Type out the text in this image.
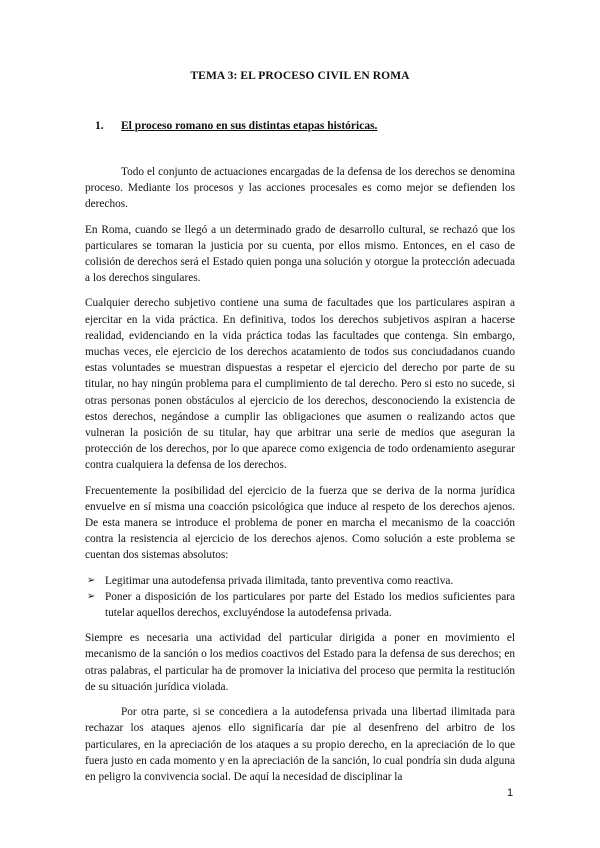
TEMA 3: EL PROCESO CIVIL EN ROMA
1. El proceso romano en sus distintas etapas históricas.

Todo el conjunto de actuaciones encargadas de la defensa de los derechos se denomina proceso. Mediante los procesos y las acciones procesales es como mejor se defienden los derechos.

En Roma, cuando se llegó a un determinado grado de desarrollo cultural, se rechazó que los particulares se tomaran la justicia por su cuenta, por ellos mismo. Entonces, en el caso de colisión de derechos será el Estado quien ponga una solución y otorgue la protección adecuada a los derechos singulares.

Cualquier derecho subjetivo contiene una suma de facultades que los particulares aspiran a ejercitar en la vida práctica. En definitiva, todos los derechos subjetivos aspiran a hacerse realidad, evidenciando en la vida práctica todas las facultades que contenga. Sin embargo, muchas veces, ele ejercicio de los derechos acatamiento de todos sus conciudadanos cuando estas voluntades se muestran dispuestas a respetar el ejercicio del derecho por parte de su titular, no hay ningún problema para el cumplimiento de tal derecho. Pero si esto no sucede, si otras personas ponen obstáculos al ejercicio de los derechos, desconociendo la existencia de estos derechos, negándose a cumplir las obligaciones que asumen o realizando actos que vulneran la posición de su titular, hay que arbitrar una serie de medios que aseguran la protección de los derechos, por lo que aparece como exigencia de todo ordenamiento asegurar contra cualquiera la defensa de los derechos.

Frecuentemente la posibilidad del ejercicio de la fuerza que se deriva de la norma jurídica envuelve en sí misma una coacción psicológica que induce al respeto de los derechos ajenos. De esta manera se introduce el problema de poner en marcha el mecanismo de la coacción contra la resistencia al ejercicio de los derechos ajenos. Como solución a este problema se cuentan dos sistemas absolutos:

➢ Legitimar una autodefensa privada ilimitada, tanto preventiva como reactiva.
➢ Poner a disposición de los particulares por parte del Estado los medios suficientes para tutelar aquellos derechos, excluyéndose la autodefensa privada.

Siempre es necesaria una actividad del particular dirigida a poner en movimiento el mecanismo de la sanción o los medios coactivos del Estado para la defensa de sus derechos; en otras palabras, el particular ha de promover la iniciativa del proceso que permita la restitución de su situación jurídica violada.

Por otra parte, si se concediera a la autodefensa privada una libertad ilimitada para rechazar los ataques ajenos ello significaría dar pie al desenfreno del arbitro de los particulares, en la apreciación de los ataques a su propio derecho, en la apreciación de lo que fuera justo en cada momento y en la apreciación de la sanción, lo cual pondría sin duda alguna en peligro la convivencia social. De aquí la necesidad de disciplinar la

1
